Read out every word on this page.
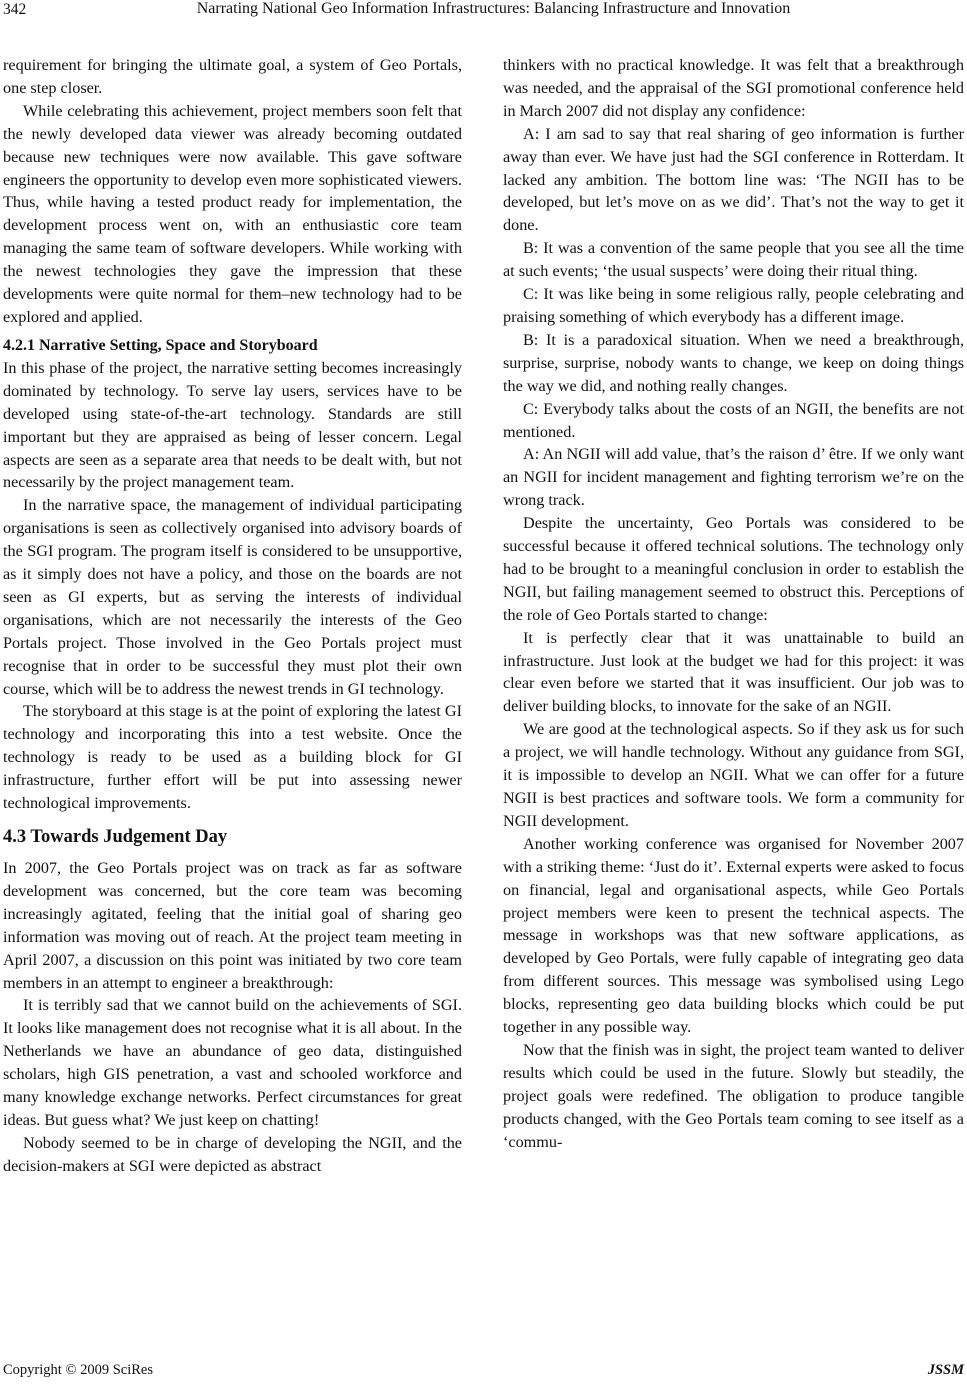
342	Narrating National Geo Information Infrastructures: Balancing Infrastructure and Innovation

requirement for bringing the ultimate goal, a system of Geo Portals, one step closer.

While celebrating this achievement, project members soon felt that the newly developed data viewer was already becoming outdated because new techniques were now available. This gave software engineers the opportunity to develop even more sophisticated viewers. Thus, while having a tested product ready for implementation, the development process went on, with an enthusiastic core team managing the same team of software developers. While working with the newest technologies they gave the impression that these developments were quite normal for them–new technology had to be explored and applied.

4.2.1 Narrative Setting, Space and Storyboard

In this phase of the project, the narrative setting becomes increasingly dominated by technology. To serve lay users, services have to be developed using state-of-the-art technology. Standards are still important but they are appraised as being of lesser concern. Legal aspects are seen as a separate area that needs to be dealt with, but not necessarily by the project management team.

In the narrative space, the management of individual participating organisations is seen as collectively organised into advisory boards of the SGI program. The program itself is considered to be unsupportive, as it simply does not have a policy, and those on the boards are not seen as GI experts, but as serving the interests of individual organisations, which are not necessarily the interests of the Geo Portals project. Those involved in the Geo Portals project must recognise that in order to be successful they must plot their own course, which will be to address the newest trends in GI technology.

The storyboard at this stage is at the point of exploring the latest GI technology and incorporating this into a test website. Once the technology is ready to be used as a building block for GI infrastructure, further effort will be put into assessing newer technological improvements.

4.3 Towards Judgement Day

In 2007, the Geo Portals project was on track as far as software development was concerned, but the core team was becoming increasingly agitated, feeling that the initial goal of sharing geo information was moving out of reach. At the project team meeting in April 2007, a discussion on this point was initiated by two core team members in an attempt to engineer a breakthrough:

It is terribly sad that we cannot build on the achievements of SGI. It looks like management does not recognise what it is all about. In the Netherlands we have an abundance of geo data, distinguished scholars, high GIS penetration, a vast and schooled workforce and many knowledge exchange networks. Perfect circumstances for great ideas. But guess what? We just keep on chatting!

Nobody seemed to be in charge of developing the NGII, and the decision-makers at SGI were depicted as abstract

thinkers with no practical knowledge. It was felt that a breakthrough was needed, and the appraisal of the SGI promotional conference held in March 2007 did not display any confidence:

A: I am sad to say that real sharing of geo information is further away than ever. We have just had the SGI conference in Rotterdam. It lacked any ambition. The bottom line was: ‘The NGII has to be developed, but let’s move on as we did’. That’s not the way to get it done.

B: It was a convention of the same people that you see all the time at such events; ‘the usual suspects’ were doing their ritual thing.

C: It was like being in some religious rally, people celebrating and praising something of which everybody has a different image.

B: It is a paradoxical situation. When we need a breakthrough, surprise, surprise, nobody wants to change, we keep on doing things the way we did, and nothing really changes.

C: Everybody talks about the costs of an NGII, the benefits are not mentioned.

A: An NGII will add value, that’s the raison d’ être. If we only want an NGII for incident management and fighting terrorism we’re on the wrong track.

Despite the uncertainty, Geo Portals was considered to be successful because it offered technical solutions. The technology only had to be brought to a meaningful conclusion in order to establish the NGII, but failing management seemed to obstruct this. Perceptions of the role of Geo Portals started to change:

It is perfectly clear that it was unattainable to build an infrastructure. Just look at the budget we had for this project: it was clear even before we started that it was insufficient. Our job was to deliver building blocks, to innovate for the sake of an NGII.

We are good at the technological aspects. So if they ask us for such a project, we will handle technology. Without any guidance from SGI, it is impossible to develop an NGII. What we can offer for a future NGII is best practices and software tools. We form a community for NGII development.

Another working conference was organised for November 2007 with a striking theme: ‘Just do it’. External experts were asked to focus on financial, legal and organisational aspects, while Geo Portals project members were keen to present the technical aspects. The message in workshops was that new software applications, as developed by Geo Portals, were fully capable of integrating geo data from different sources. This message was symbolised using Lego blocks, representing geo data building blocks which could be put together in any possible way.

Now that the finish was in sight, the project team wanted to deliver results which could be used in the future. Slowly but steadily, the project goals were redefined. The obligation to produce tangible products changed, with the Geo Portals team coming to see itself as a ‘commu-

Copyright © 2009 SciRes	JSSM
